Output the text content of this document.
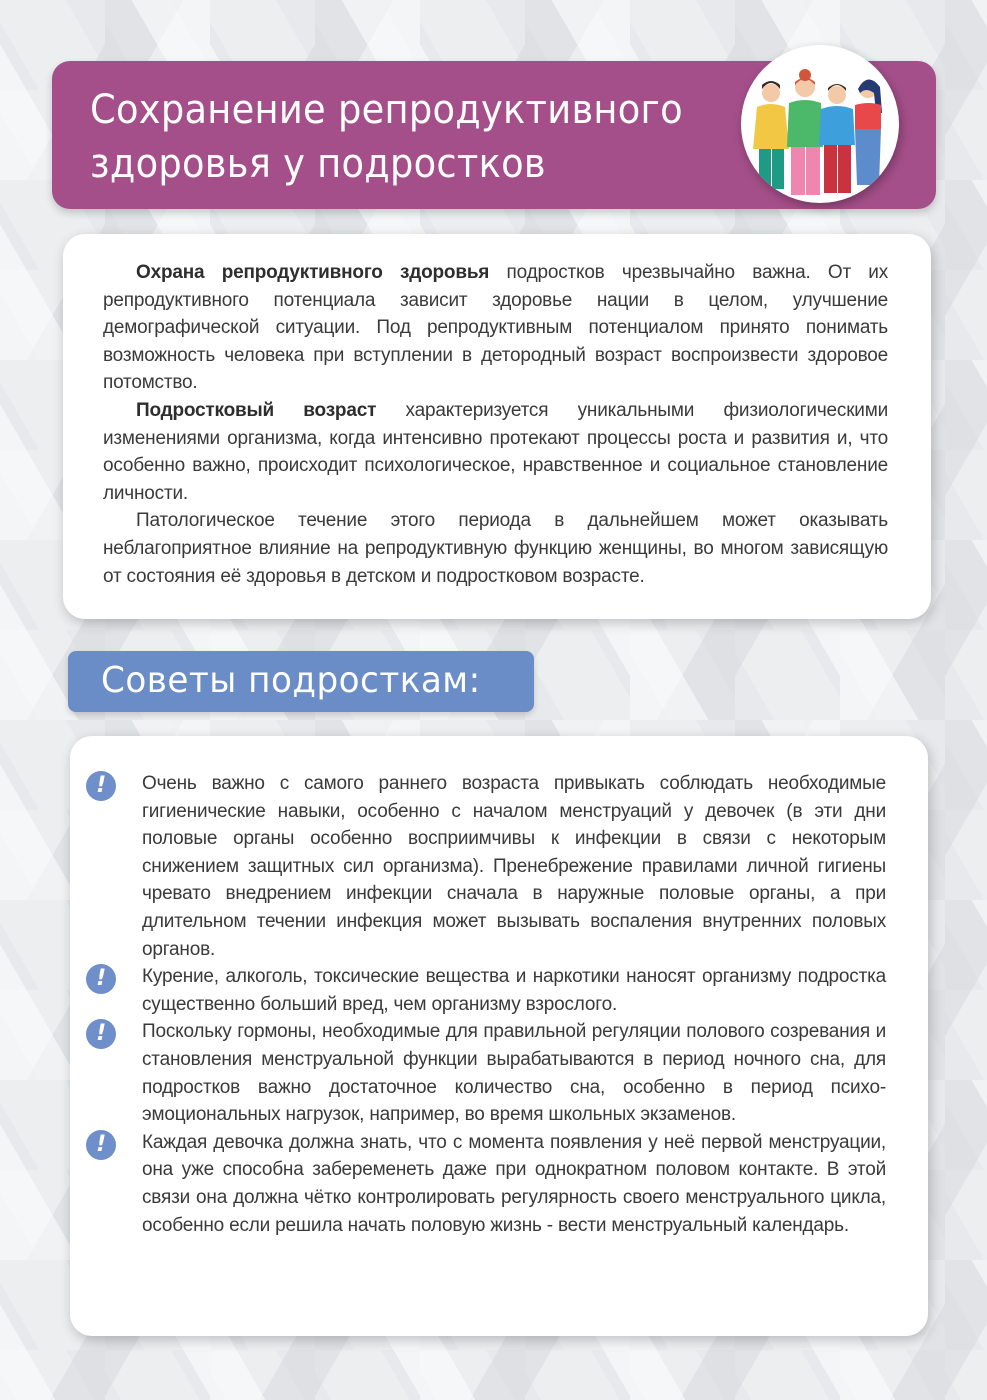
Сохранение репродуктивного
здоровья у подростков

Охрана репродуктивного здоровья подростков чрезвычайно важна. От их репродуктивного потенциала зависит здоровье нации в целом, улучшение демографической ситуации. Под репродуктивным потенциалом принято понимать возможность человека при вступлении в детородный возраст воспроизвести здоровое потомство.

Подростковый возраст характеризуется уникальными физиологическими изменениями организма, когда интенсивно протекают процессы роста и развития и, что особенно важно, происходит психологическое, нравственное и социальное становление личности.

Патологическое течение этого периода в дальнейшем может оказывать неблагоприятное влияние на репродуктивную функцию женщины, во многом зависящую от состояния её здоровья в детском и подростковом возрасте.

Советы подросткам:
!	Очень важно с самого раннего возраста привыкать соблюдать необходимые гигиенические навыки, особенно с началом менструаций у девочек (в эти дни половые органы особенно восприимчивы к инфекции в связи с некоторым снижением защитных сил организма). Пренебрежение правилами личной гигиены чревато внедрением инфекции сначала в наружные половые органы, а при длительном течении инфекция может вызывать воспаления внутренних половых органов.
!	Курение, алкоголь, токсические вещества и наркотики наносят организму подростка существенно больший вред, чем организму взрослого.
!	Поскольку гормоны, необходимые для правильной регуляции полового созревания и становления менструальной функции вырабатываются в период ночного сна, для подростков важно достаточное количество сна, особенно в период психо-эмоциональных нагрузок, например, во время школьных экзаменов.
!	Каждая девочка должна знать, что с момента появления у неё первой менструации, она уже способна забеременеть даже при однократном половом контакте. В этой связи она должна чётко контролировать регулярность своего менструального цикла, особенно если решила начать половую жизнь - вести менструальный календарь.
